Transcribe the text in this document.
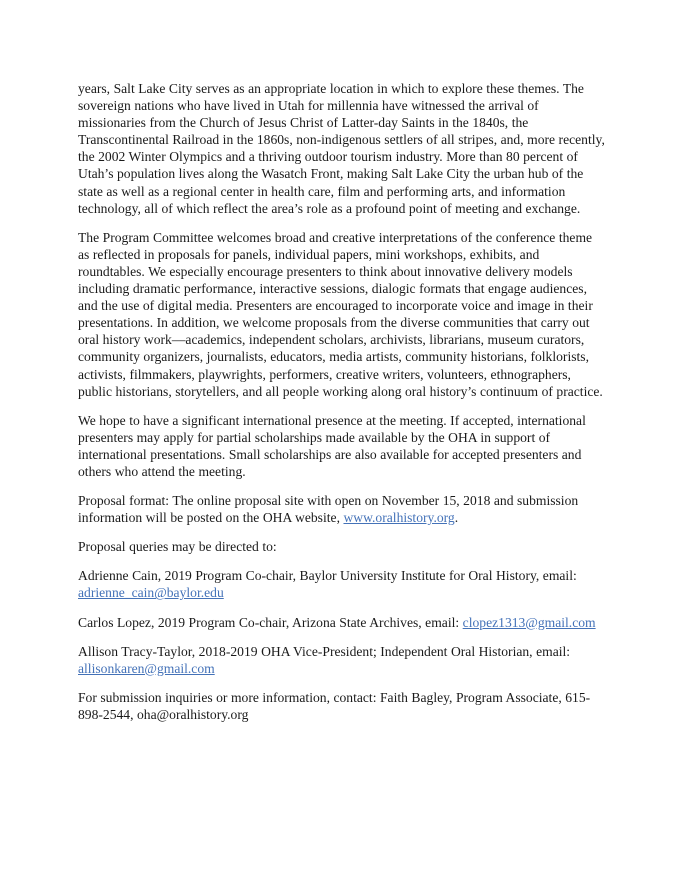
years, Salt Lake City serves as an appropriate location in which to explore these themes. The sovereign nations who have lived in Utah for millennia have witnessed the arrival of missionaries from the Church of Jesus Christ of Latter-day Saints in the 1840s, the Transcontinental Railroad in the 1860s, non-indigenous settlers of all stripes, and, more recently, the 2002 Winter Olympics and a thriving outdoor tourism industry. More than 80 percent of Utah’s population lives along the Wasatch Front, making Salt Lake City the urban hub of the state as well as a regional center in health care, film and performing arts, and information technology, all of which reflect the area’s role as a profound point of meeting and exchange.

The Program Committee welcomes broad and creative interpretations of the conference theme as reflected in proposals for panels, individual papers, mini workshops, exhibits, and roundtables. We especially encourage presenters to think about innovative delivery models including dramatic performance, interactive sessions, dialogic formats that engage audiences, and the use of digital media. Presenters are encouraged to incorporate voice and image in their presentations. In addition, we welcome proposals from the diverse communities that carry out oral history work—academics, independent scholars, archivists, librarians, museum curators, community organizers, journalists, educators, media artists, community historians, folklorists, activists, filmmakers, playwrights, performers, creative writers, volunteers, ethnographers, public historians, storytellers, and all people working along oral history’s continuum of practice.

We hope to have a significant international presence at the meeting. If accepted, international presenters may apply for partial scholarships made available by the OHA in support of international presentations. Small scholarships are also available for accepted presenters and others who attend the meeting.

Proposal format: The online proposal site with open on November 15, 2018 and submission information will be posted on the OHA website, www.oralhistory.org.

Proposal queries may be directed to:

Adrienne Cain, 2019 Program Co-chair, Baylor University Institute for Oral History, email: adrienne_cain@baylor.edu

Carlos Lopez, 2019 Program Co-chair, Arizona State Archives, email: clopez1313@gmail.com

Allison Tracy-Taylor, 2018-2019 OHA Vice-President; Independent Oral Historian, email: allisonkaren@gmail.com

For submission inquiries or more information, contact: Faith Bagley, Program Associate, 615-898-2544, oha@oralhistory.org
